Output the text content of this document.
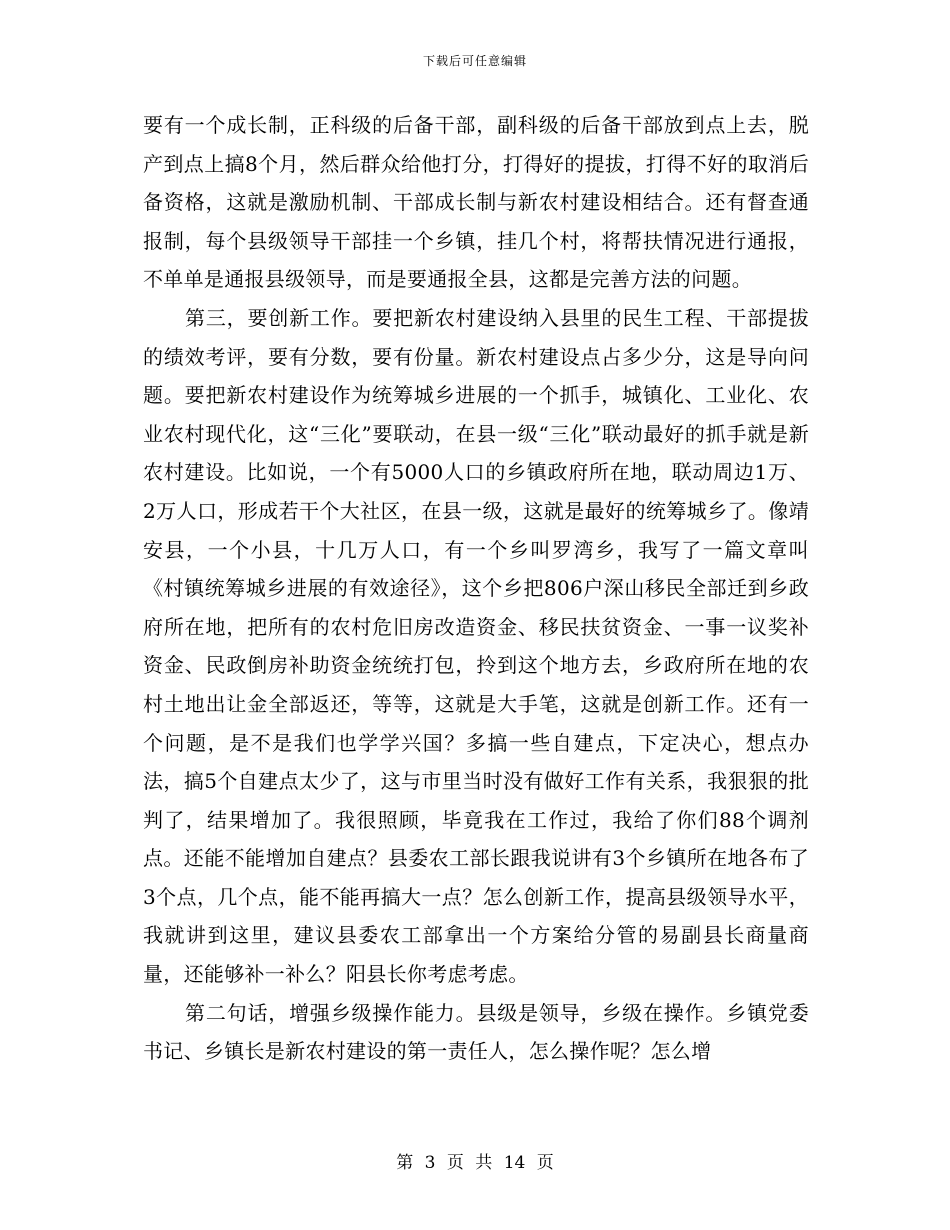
下载后可任意编辑

要有一个成长制，正科级的后备干部，副科级的后备干部放到点上去，脱产到点上搞8个月，然后群众给他打分，打得好的提拔，打得不好的取消后备资格，这就是激励机制、干部成长制与新农村建设相结合。还有督查通报制，每个县级领导干部挂一个乡镇，挂几个村，将帮扶情况进行通报，不单单是通报县级领导，而是要通报全县，这都是完善方法的问题。

第三，要创新工作。要把新农村建设纳入县里的民生工程、干部提拔的绩效考评，要有分数，要有份量。新农村建设点占多少分，这是导向问题。要把新农村建设作为统筹城乡进展的一个抓手，城镇化、工业化、农业农村现代化，这“三化”要联动，在县一级“三化”联动最好的抓手就是新农村建设。比如说，一个有5000人口的乡镇政府所在地，联动周边1万、2万人口，形成若干个大社区，在县一级，这就是最好的统筹城乡了。像靖安县，一个小县，十几万人口，有一个乡叫罗湾乡，我写了一篇文章叫《村镇统筹城乡进展的有效途径》，这个乡把806户深山移民全部迁到乡政府所在地，把所有的农村危旧房改造资金、移民扶贫资金、一事一议奖补资金、民政倒房补助资金统统打包，拎到这个地方去，乡政府所在地的农村土地出让金全部返还，等等，这就是大手笔，这就是创新工作。还有一个问题，是不是我们也学学兴国？多搞一些自建点，下定决心，想点办法，搞5个自建点太少了，这与市里当时没有做好工作有关系，我狠狠的批判了，结果增加了。我很照顾，毕竟我在工作过，我给了你们88个调剂点。还能不能增加自建点？县委农工部长跟我说讲有3个乡镇所在地各布了3个点，几个点，能不能再搞大一点？怎么创新工作，提高县级领导水平，我就讲到这里，建议县委农工部拿出一个方案给分管的易副县长商量商量，还能够补一补么？阳县长你考虑考虑。

第二句话，增强乡级操作能力。县级是领导，乡级在操作。乡镇党委书记、乡镇长是新农村建设的第一责任人，怎么操作呢？怎么增

第 3 页 共 14 页
